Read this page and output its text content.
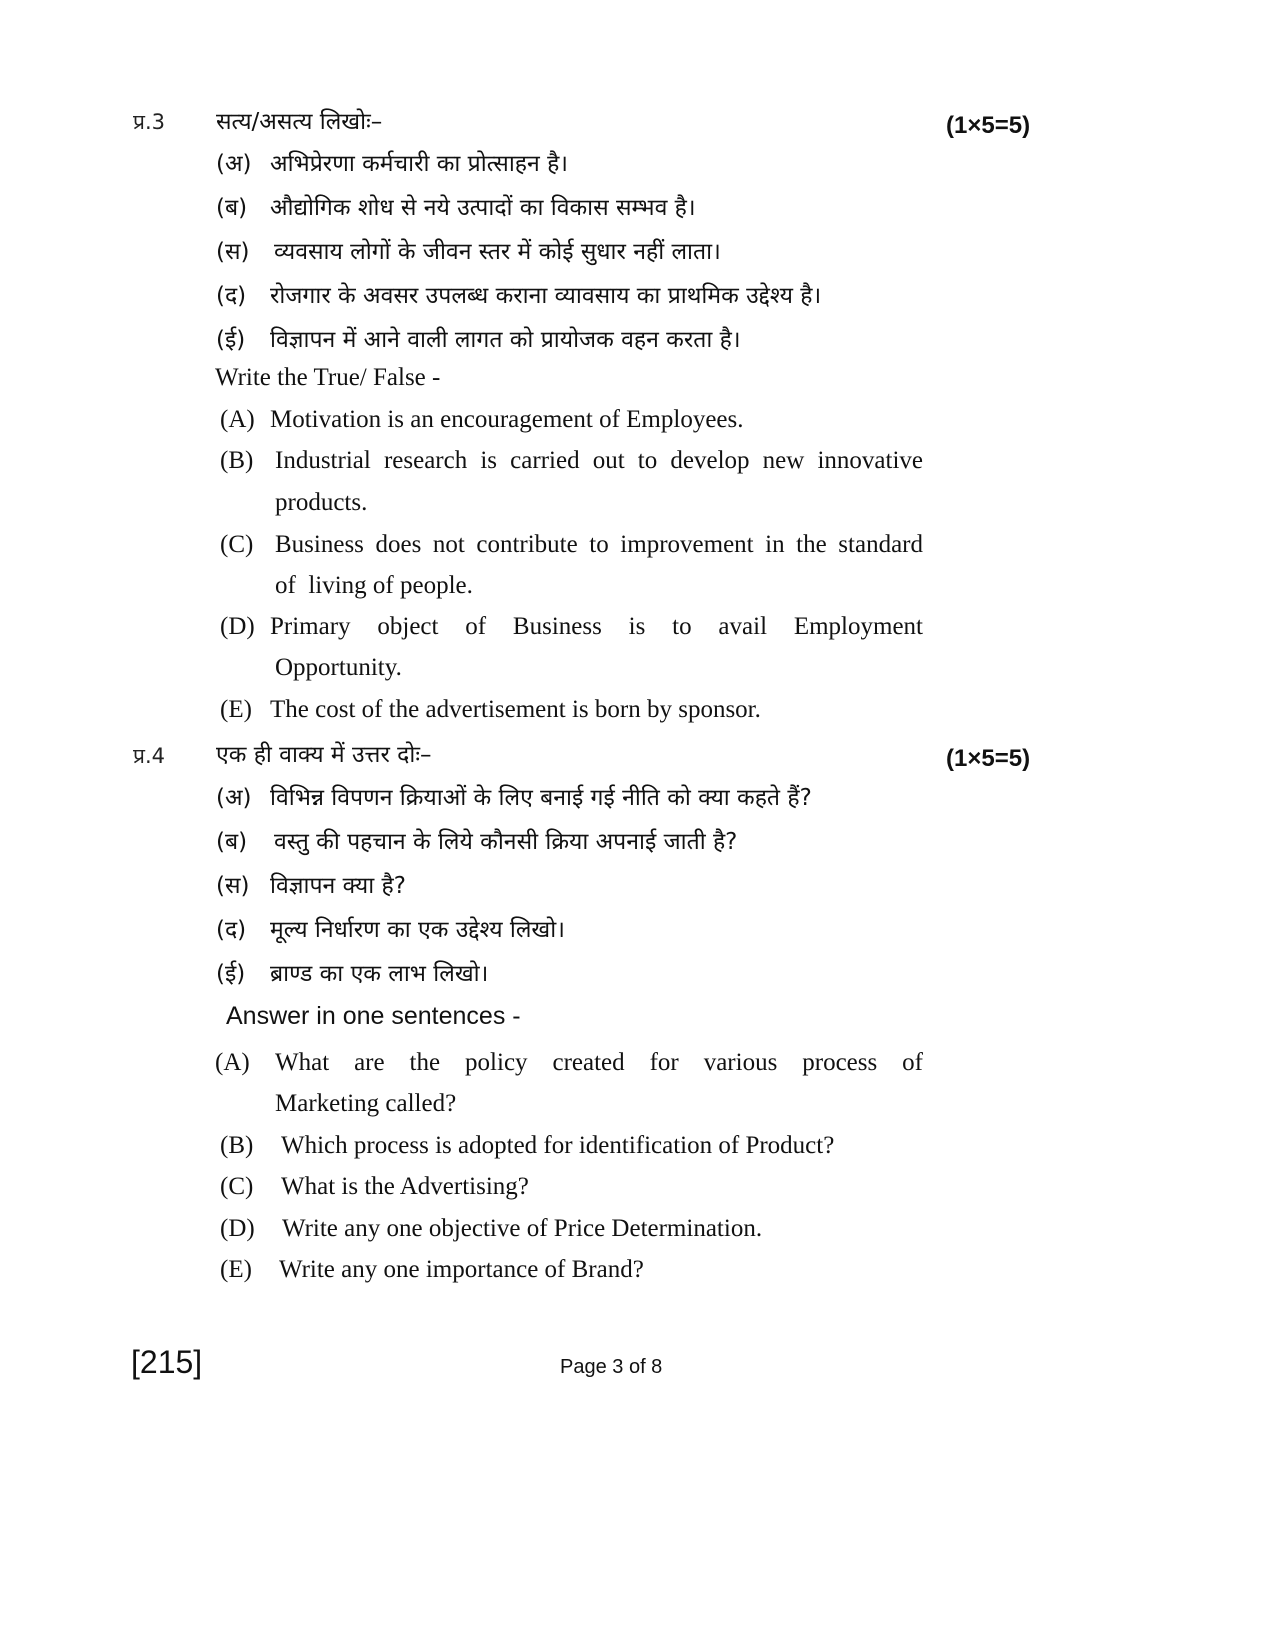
प्र.3 सत्य/असत्य लिखोः–	(1×5=5)
(अ) अभिप्रेरणा कर्मचारी का प्रोत्साहन है।
(ब) औद्योगिक शोध से नये उत्पादों का विकास सम्भव है।
(स)	व्यवसाय लोगों के जीवन स्तर में कोई सुधार नहीं लाता।
(द)	रोजगार के अवसर उपलब्ध कराना व्यावसाय का प्राथमिक उद्देश्य है।
(ई)	विज्ञापन में आने वाली लागत को प्रायोजक वहन करता है।
Write the True/ False -
(A) Motivation is an encouragement of Employees.
(B) Industrial research is carried out to develop new innovative
products.
(C) Business does not contribute to improvement in the standard
of  living of people.
(D) Primary object of Business is to avail Employment
Opportunity.
(E) The cost of the advertisement is born by sponsor.
प्र.4 एक ही वाक्य में उत्तर दोः–	(1×5=5)
(अ) विभिन्न विपणन क्रियाओं के लिए बनाई गई नीति को क्या कहते हैं?
(ब)	वस्तु की पहचान के लिये कौनसी क्रिया अपनाई जाती है?
(स) विज्ञापन क्या है?
(द)	मूल्य निर्धारण का एक उद्देश्य लिखो।
(ई)	ब्राण्ड का एक लाभ लिखो।
Answer in one sentences -
(A)	What are the policy created for various process of
Marketing called?
(B)	Which process is adopted for identification of Product?
(C)	What is the Advertising?
(D)	Write any one objective of Price Determination.
(E)	Write any one importance of Brand?
[215]	Page 3 of 8
